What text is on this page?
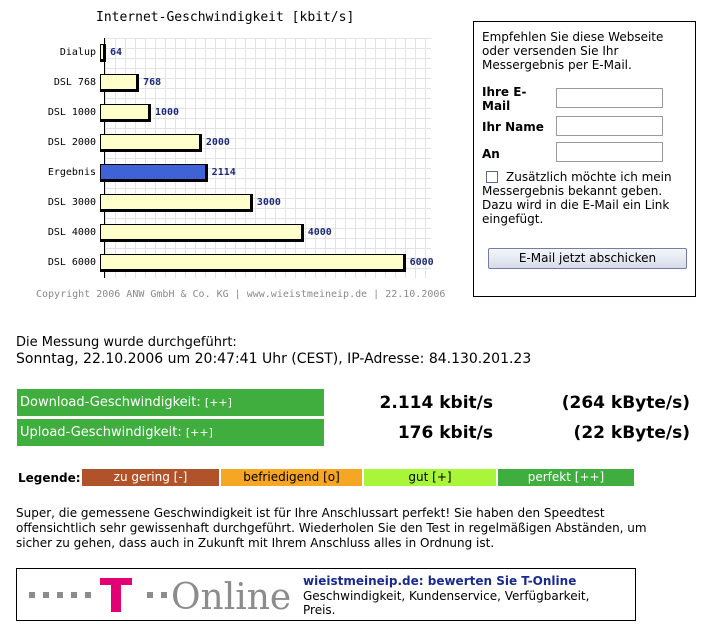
Internet-Geschwindigkeit [kbit/s]
Dialup 64
DSL 768	768
DSL 1000	1000
DSL 2000	2000
Ergebnis	2114
DSL 3000	3000
DSL 4000	4000
DSL 6000	6000
Copyright 2006 ANW GmbH & Co. KG | www.wieistmeineip.de | 22.10.2006
Empfehlen Sie diese Webseite oder versenden Sie Ihr Messergebnis per E-Mail.
Ihre E-Mail
Ihr Name
An
Zusätzlich möchte ich mein Messergebnis bekannt geben. Dazu wird in die E-Mail ein Link eingefügt.
E-Mail jetzt abschicken
Die Messung wurde durchgeführt:
Sonntag, 22.10.2006 um 20:47:41 Uhr (CEST), IP-Adresse: 84.130.201.23
Download-Geschwindigkeit: [++]	2.114 kbit/s	(264 kByte/s)
Upload-Geschwindigkeit: [++]	176 kbit/s	(22 kByte/s)
Legende:	zu gering [-]	befriedigend [o]	gut [+]	perfekt [++]
Super, die gemessene Geschwindigkeit ist für Ihre Anschlussart perfekt! Sie haben den Speedtest offensichtlich sehr gewissenhaft durchgeführt. Wiederholen Sie den Test in regelmäßigen Abständen, um sicher zu gehen, dass auch in Zukunft mit Ihrem Anschluss alles in Ordnung ist.
Online wieistmeineip.de: bewerten Sie T-Online
Geschwindigkeit, Kundenservice, Verfügbarkeit, Preis.
